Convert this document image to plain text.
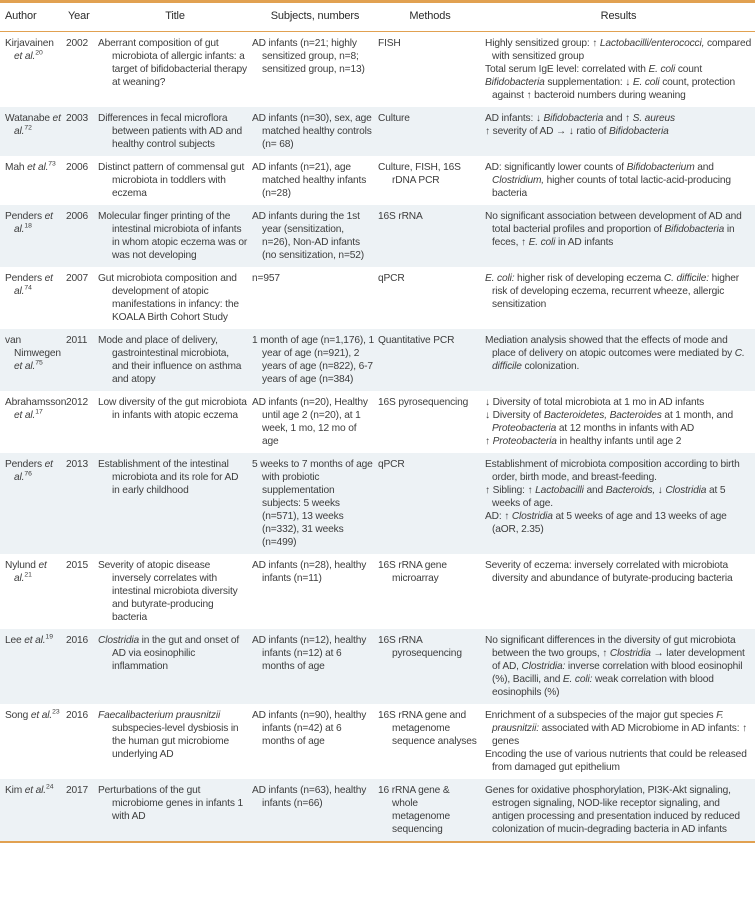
Author	Year	Title	Subjects, numbers	Methods	Results

Kirjavainen et al.$^{20}$	2002	Aberrant composition of gut microbiota of allergic infants: a target of bifidobacterial therapy at weaning?	AD infants (n=21; highly sensitized group, n=8; sensitized group, n=13)	FISH	Highly sensitized group: ↑ Lactobacilli/enterococci, compared with sensitized group
Total serum IgE level: correlated with E. coli count
Bifidobacteria supplementation: ↓ E. coli count, protection against ↑ bacteroid numbers during weaning

Watanabe et al.$^{72}$	2003	Differences in fecal microflora between patients with AD and healthy control subjects	AD infants (n=30), sex, age matched healthy controls (n= 68)	Culture	AD infants: ↓ Bifidobacteria and ↑ S. aureus
↑ severity of AD → ↓ ratio of Bifidobacteria

Mah et al.$^{73}$	2006	Distinct pattern of commensal gut microbiota in toddlers with eczema	AD infants (n=21), age matched healthy infants (n=28)	Culture, FISH, 16S rDNA PCR	AD: significantly lower counts of Bifidobacterium and Clostridium, higher counts of total lactic-acid-producing bacteria

Penders et al.$^{18}$	2006	Molecular finger printing of the intestinal microbiota of infants in whom atopic eczema was or was not developing	AD infants during the 1st year (sensitization, n=26), Non-AD infants (no sensitization, n=52)	16S rRNA	No significant association between development of AD and total bacterial profiles and proportion of Bifidobacteria in feces, ↑ E. coli in AD infants

Penders et al.$^{74}$	2007	Gut microbiota composition and development of atopic manifestations in infancy: the KOALA Birth Cohort Study	n=957	qPCR	E. coli: higher risk of developing eczema C. difficile: higher risk of developing eczema, recurrent wheeze, allergic sensitization

van Nimwegen et al.$^{75}$	2011	Mode and place of delivery, gastrointestinal microbiota, and their influence on asthma and atopy	1 month of age (n=1,176), 1 year of age (n=921), 2 years of age (n=822), 6-7 years of age (n=384)	Quantitative PCR	Mediation analysis showed that the effects of mode and place of delivery on atopic outcomes were mediated by C. difficile colonization.

Abrahamsson et al.$^{17}$	2012	Low diversity of the gut microbiota in infants with atopic eczema	AD infants (n=20), Healthy until age 2 (n=20), at 1 week, 1 mo, 12 mo of age	16S pyrosequencing	↓ Diversity of total microbiota at 1 mo in AD infants
↓ Diversity of Bacteroidetes, Bacteroides at 1 month, and Proteobacteria at 12 months in infants with AD
↑ Proteobacteria in healthy infants until age 2

Penders et al.$^{76}$	2013	Establishment of the intestinal microbiota and its role for AD in early childhood	5 weeks to 7 months of age with probiotic supplementation subjects: 5 weeks (n=571), 13 weeks (n=332), 31 weeks (n=499)	qPCR	Establishment of microbiota composition according to birth order, birth mode, and breast-feeding.
↑ Sibling: ↑ Lactobacilli and Bacteroids, ↓ Clostridia at 5 weeks of age.
AD: ↑ Clostridia at 5 weeks of age and 13 weeks of age (aOR, 2.35)

Nylund et al.$^{21}$	2015	Severity of atopic disease inversely correlates with intestinal microbiota diversity and butyrate-producing bacteria	AD infants (n=28), healthy infants (n=11)	16S rRNA gene microarray	Severity of eczema: inversely correlated with microbiota diversity and abundance of butyrate-producing bacteria

Lee et al.$^{19}$	2016	Clostridia in the gut and onset of AD via eosinophilic inflammation	AD infants (n=12), healthy infants (n=12) at 6 months of age	16S rRNA pyrosequencing	No significant differences in the diversity of gut microbiota between the two groups, ↑ Clostridia → later development of AD, Clostridia: inverse correlation with blood eosinophil (%), Bacilli, and E. coli: weak correlation with blood eosinophils (%)

Song et al.$^{23}$	2016	Faecalibacterium prausnitzii subspecies-level dysbiosis in the human gut microbiome underlying AD	AD infants (n=90), healthy infants (n=42) at 6 months of age	16S rRNA gene and metagenome sequence analyses	Enrichment of a subspecies of the major gut species F. prausnitzii: associated with AD Microbiome in AD infants: ↑ genes
Encoding the use of various nutrients that could be released from damaged gut epithelium

Kim et al.$^{24}$	2017	Perturbations of the gut microbiome genes in infants 1 with AD	AD infants (n=63), healthy infants (n=66)	16 rRNA gene & whole metagenome sequencing	Genes for oxidative phosphorylation, PI3K-Akt signaling, estrogen signaling, NOD-like receptor signaling, and antigen processing and presentation induced by reduced colonization of mucin-degrading bacteria in AD infants
